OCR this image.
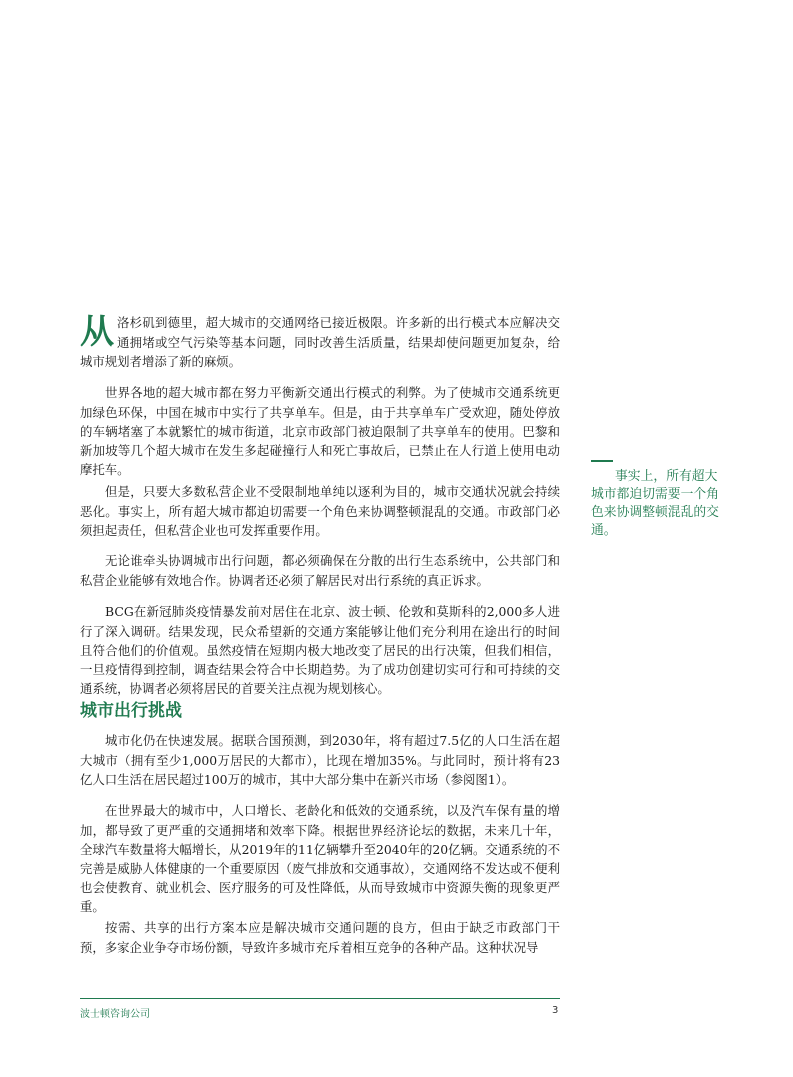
从洛杉矶到德里，超大城市的交通网络已接近极限。许多新的出行模式本应解决交通拥堵或空气污染等基本问题，同时改善生活质量，结果却使问题更加复杂，给城市规划者增添了新的麻烦。

世界各地的超大城市都在努力平衡新交通出行模式的利弊。为了使城市交通系统更加绿色环保，中国在城市中实行了共享单车。但是，由于共享单车广受欢迎，随处停放的车辆堵塞了本就繁忙的城市街道，北京市政部门被迫限制了共享单车的使用。巴黎和新加坡等几个超大城市在发生多起碰撞行人和死亡事故后，已禁止在人行道上使用电动摩托车。

但是，只要大多数私营企业不受限制地单纯以逐利为目的，城市交通状况就会持续恶化。事实上，所有超大城市都迫切需要一个角色来协调整顿混乱的交通。市政部门必须担起责任，但私营企业也可发挥重要作用。

无论谁牵头协调城市出行问题，都必须确保在分散的出行生态系统中，公共部门和私营企业能够有效地合作。协调者还必须了解居民对出行系统的真正诉求。

BCG在新冠肺炎疫情暴发前对居住在北京、波士顿、伦敦和莫斯科的2,000多人进行了深入调研。结果发现，民众希望新的交通方案能够让他们充分利用在途出行的时间且符合他们的价值观。虽然疫情在短期内极大地改变了居民的出行决策，但我们相信，一旦疫情得到控制，调查结果会符合中长期趋势。为了成功创建切实可行和可持续的交通系统，协调者必须将居民的首要关注点视为规划核心。

城市出行挑战

城市化仍在快速发展。据联合国预测，到2030年，将有超过7.5亿的人口生活在超大城市（拥有至少1,000万居民的大都市），比现在增加35%。与此同时，预计将有23亿人口生活在居民超过100万的城市，其中大部分集中在新兴市场（参阅图1）。

在世界最大的城市中，人口增长、老龄化和低效的交通系统，以及汽车保有量的增加，都导致了更严重的交通拥堵和效率下降。根据世界经济论坛的数据，未来几十年，全球汽车数量将大幅增长，从2019年的11亿辆攀升至2040年的20亿辆。交通系统的不完善是威胁人体健康的一个重要原因（废气排放和交通事故），交通网络不发达或不便利也会使教育、就业机会、医疗服务的可及性降低，从而导致城市中资源失衡的现象更严重。

按需、共享的出行方案本应是解决城市交通问题的良方，但由于缺乏市政部门干预，多家企业争夺市场份额，导致许多城市充斥着相互竞争的各种产品。这种状况导

事实上，所有超大城市都迫切需要一个角色来协调整顿混乱的交通。

波士顿咨询公司	3
